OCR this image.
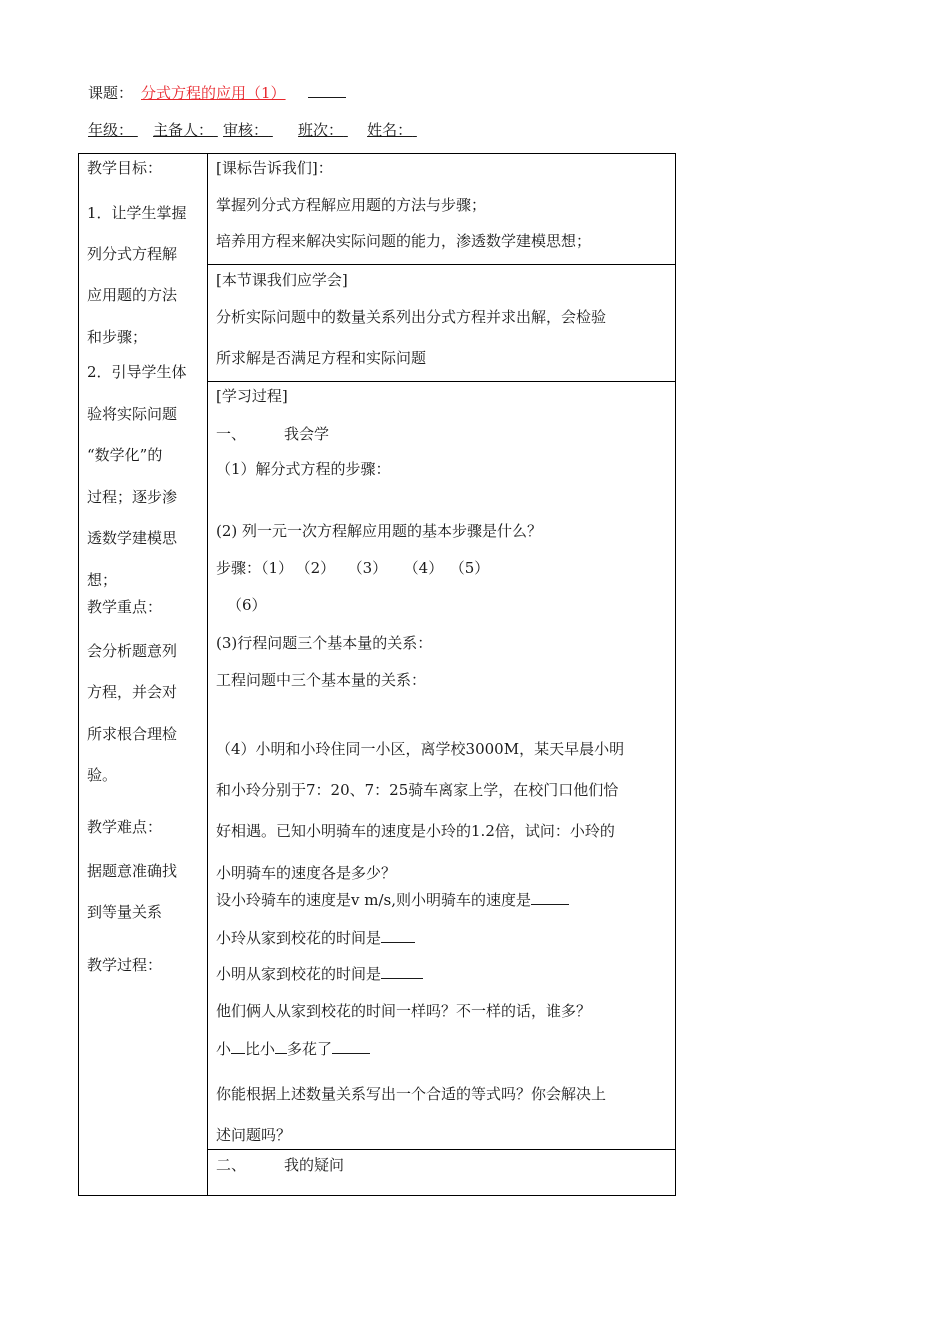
课题： 分式方程的应用（1）
年级： 主备人： 审核： 班次： 姓名：
教学目标：
1．让学生掌握
列分式方程解
应用题的方法
和步骤；
2．引导学生体
验将实际问题
“数学化”的
过程；逐步渗
透数学建模思
想；
教学重点：
会分析题意列
方程，并会对
所求根合理检
验。
教学难点：
据题意准确找
到等量关系
教学过程：
[课标告诉我们]：
掌握列分式方程解应用题的方法与步骤；
培养用方程来解决实际问题的能力，渗透数学建模思想；
[本节课我们应学会]
分析实际问题中的数量关系列出分式方程并求出解，会检验
所求解是否满足方程和实际问题
[学习过程]
一、	我会学
（1）解分式方程的步骤：
(2) 列一元一次方程解应用题的基本步骤是什么？
步骤：（1） （2） （3） （4） （5）
（6）
(3)行程问题三个基本量的关系：
工程问题中三个基本量的关系：
（4）小明和小玲住同一小区，离学校3000M，某天早晨小明
和小玲分别于7：20、7：25骑车离家上学，在校门口他们恰
好相遇。已知小明骑车的速度是小玲的1.2倍，试问：小玲的
小明骑车的速度各是多少？
设小玲骑车的速度是v m/s,则小明骑车的速度是
小玲从家到校花的时间是
小明从家到校花的时间是
他们俩人从家到校花的时间一样吗？不一样的话，谁多？
小 比小 多花了
你能根据上述数量关系写出一个合适的等式吗？你会解决上
述问题吗？
二、	我的疑问
